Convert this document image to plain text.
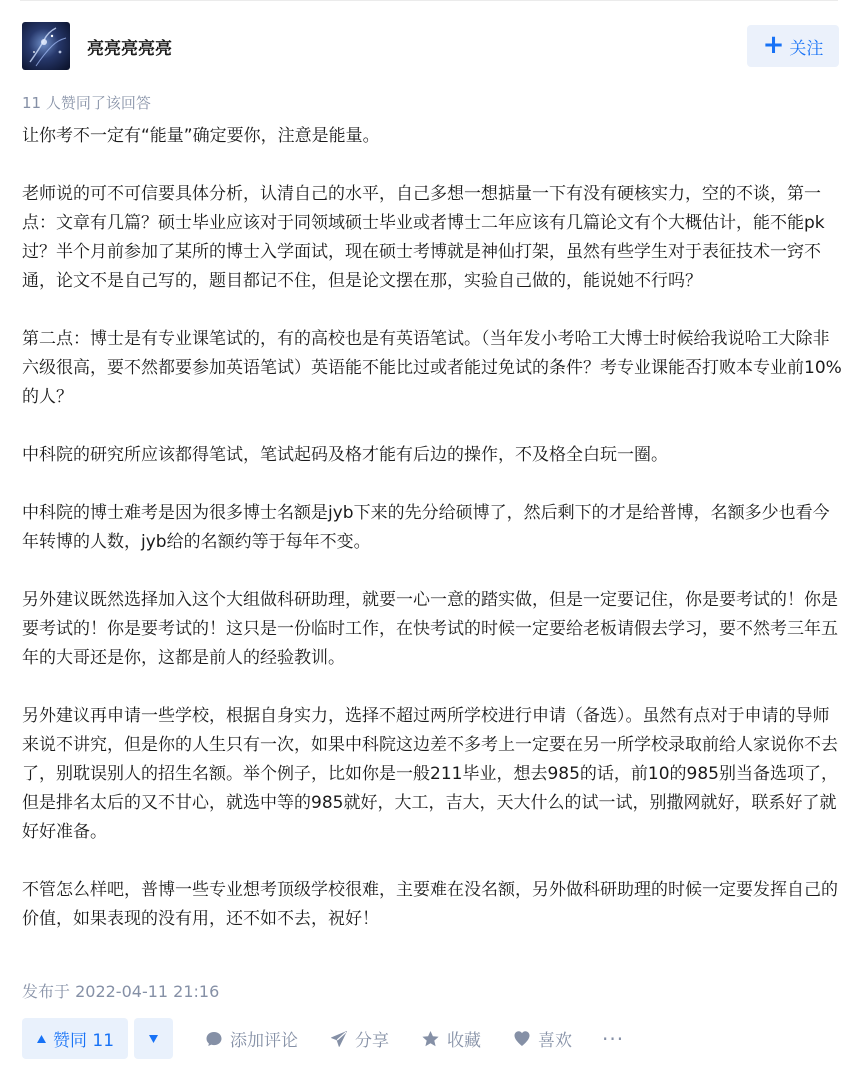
亮亮亮亮亮	+ 关注
11 人赞同了该回答

让你考不一定有“能量”确定要你，注意是能量。

老师说的可不可信要具体分析，认清自己的水平，自己多想一想掂量一下有没有硬核实力，空的不谈，第一点：文章有几篇？硕士毕业应该对于同领域硕士毕业或者博士二年应该有几篇论文有个大概估计，能不能pk过？半个月前参加了某所的博士入学面试，现在硕士考博就是神仙打架，虽然有些学生对于表征技术一窍不通，论文不是自己写的，题目都记不住，但是论文摆在那，实验自己做的，能说她不行吗？

第二点：博士是有专业课笔试的，有的高校也是有英语笔试。（当年发小考哈工大博士时候给我说哈工大除非六级很高，要不然都要参加英语笔试）英语能不能比过或者能过免试的条件？考专业课能否打败本专业前10%的人？

中科院的研究所应该都得笔试，笔试起码及格才能有后边的操作，不及格全白玩一圈。

中科院的博士难考是因为很多博士名额是jyb下来的先分给硕博了，然后剩下的才是给普博，名额多少也看今年转博的人数，jyb给的名额约等于每年不变。

另外建议既然选择加入这个大组做科研助理，就要一心一意的踏实做，但是一定要记住，你是要考试的！你是要考试的！你是要考试的！这只是一份临时工作，在快考试的时候一定要给老板请假去学习，要不然考三年五年的大哥还是你，这都是前人的经验教训。

另外建议再申请一些学校，根据自身实力，选择不超过两所学校进行申请（备选）。虽然有点对于申请的导师来说不讲究，但是你的人生只有一次，如果中科院这边差不多考上一定要在另一所学校录取前给人家说你不去了，别耽误别人的招生名额。举个例子，比如你是一般211毕业，想去985的话，前10的985别当备选项了，但是排名太后的又不甘心，就选中等的985就好，大工，吉大，天大什么的试一试，别撒网就好，联系好了就好好准备。

不管怎么样吧，普博一些专业想考顶级学校很难，主要难在没名额，另外做科研助理的时候一定要发挥自己的价值，如果表现的没有用，还不如不去，祝好！

发布于 2022-04-11 21:16
赞同 11	添加评论	分享	收藏	喜欢 ···
